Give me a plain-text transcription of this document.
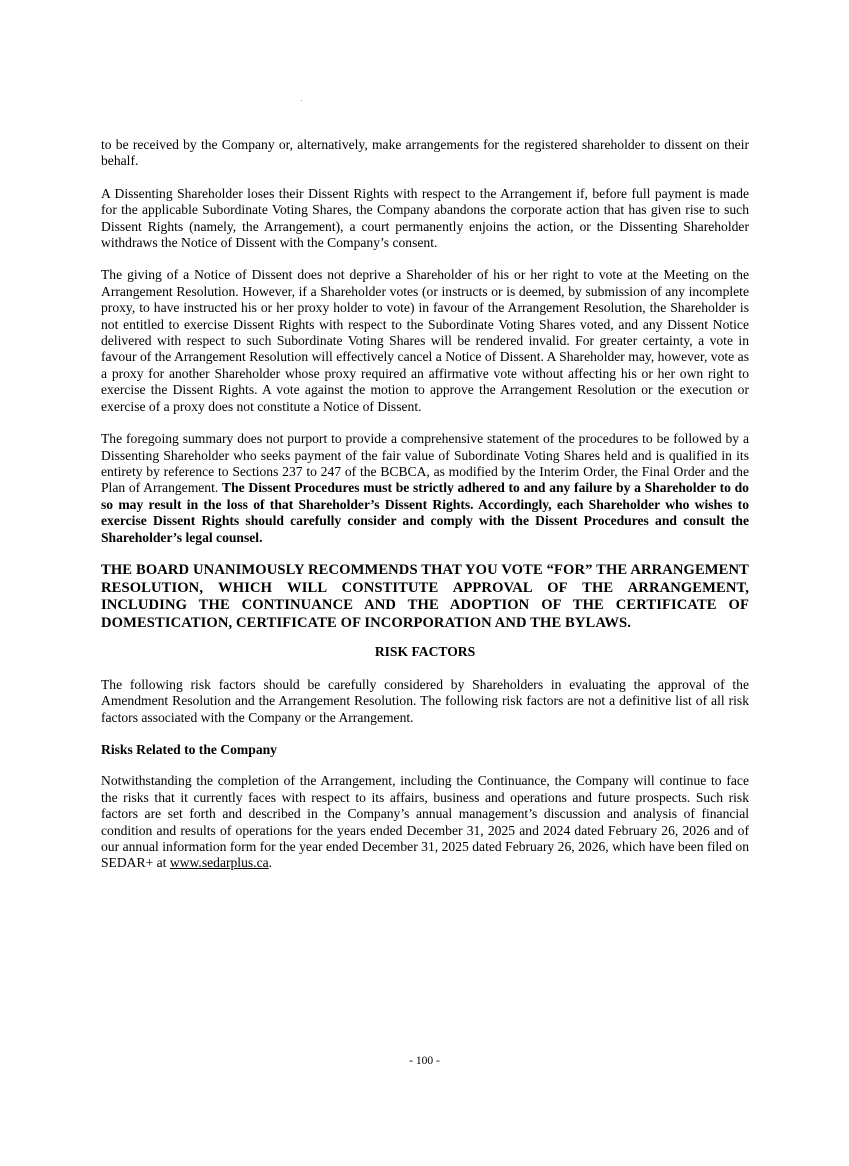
to be received by the Company or, alternatively, make arrangements for the registered shareholder to dissent on their behalf.

A Dissenting Shareholder loses their Dissent Rights with respect to the Arrangement if, before full payment is made for the applicable Subordinate Voting Shares, the Company abandons the corporate action that has given rise to such Dissent Rights (namely, the Arrangement), a court permanently enjoins the action, or the Dissenting Shareholder withdraws the Notice of Dissent with the Company’s consent.

The giving of a Notice of Dissent does not deprive a Shareholder of his or her right to vote at the Meeting on the Arrangement Resolution. However, if a Shareholder votes (or instructs or is deemed, by submission of any incomplete proxy, to have instructed his or her proxy holder to vote) in favour of the Arrangement Resolution, the Shareholder is not entitled to exercise Dissent Rights with respect to the Subordinate Voting Shares voted, and any Dissent Notice delivered with respect to such Subordinate Voting Shares will be rendered invalid. For greater certainty, a vote in favour of the Arrangement Resolution will effectively cancel a Notice of Dissent. A Shareholder may, however, vote as a proxy for another Shareholder whose proxy required an affirmative vote without affecting his or her own right to exercise the Dissent Rights. A vote against the motion to approve the Arrangement Resolution or the execution or exercise of a proxy does not constitute a Notice of Dissent.

The foregoing summary does not purport to provide a comprehensive statement of the procedures to be followed by a Dissenting Shareholder who seeks payment of the fair value of Subordinate Voting Shares held and is qualified in its entirety by reference to Sections 237 to 247 of the BCBCA, as modified by the Interim Order, the Final Order and the Plan of Arrangement. The Dissent Procedures must be strictly adhered to and any failure by a Shareholder to do so may result in the loss of that Shareholder’s Dissent Rights. Accordingly, each Shareholder who wishes to exercise Dissent Rights should carefully consider and comply with the Dissent Procedures and consult the Shareholder’s legal counsel.

THE BOARD UNANIMOUSLY RECOMMENDS THAT YOU VOTE “FOR” THE ARRANGEMENT RESOLUTION, WHICH WILL CONSTITUTE APPROVAL OF THE ARRANGEMENT, INCLUDING THE CONTINUANCE AND THE ADOPTION OF THE CERTIFICATE OF DOMESTICATION, CERTIFICATE OF INCORPORATION AND THE BYLAWS.

RISK FACTORS

The following risk factors should be carefully considered by Shareholders in evaluating the approval of the Amendment Resolution and the Arrangement Resolution. The following risk factors are not a definitive list of all risk factors associated with the Company or the Arrangement.

Risks Related to the Company

Notwithstanding the completion of the Arrangement, including the Continuance, the Company will continue to face the risks that it currently faces with respect to its affairs, business and operations and future prospects. Such risk factors are set forth and described in the Company’s annual management’s discussion and analysis of financial condition and results of operations for the years ended December 31, 2025 and 2024 dated February 26, 2026 and of our annual information form for the year ended December 31, 2025 dated February 26, 2026, which have been filed on SEDAR+ at www.sedarplus.ca.

- 100 -
